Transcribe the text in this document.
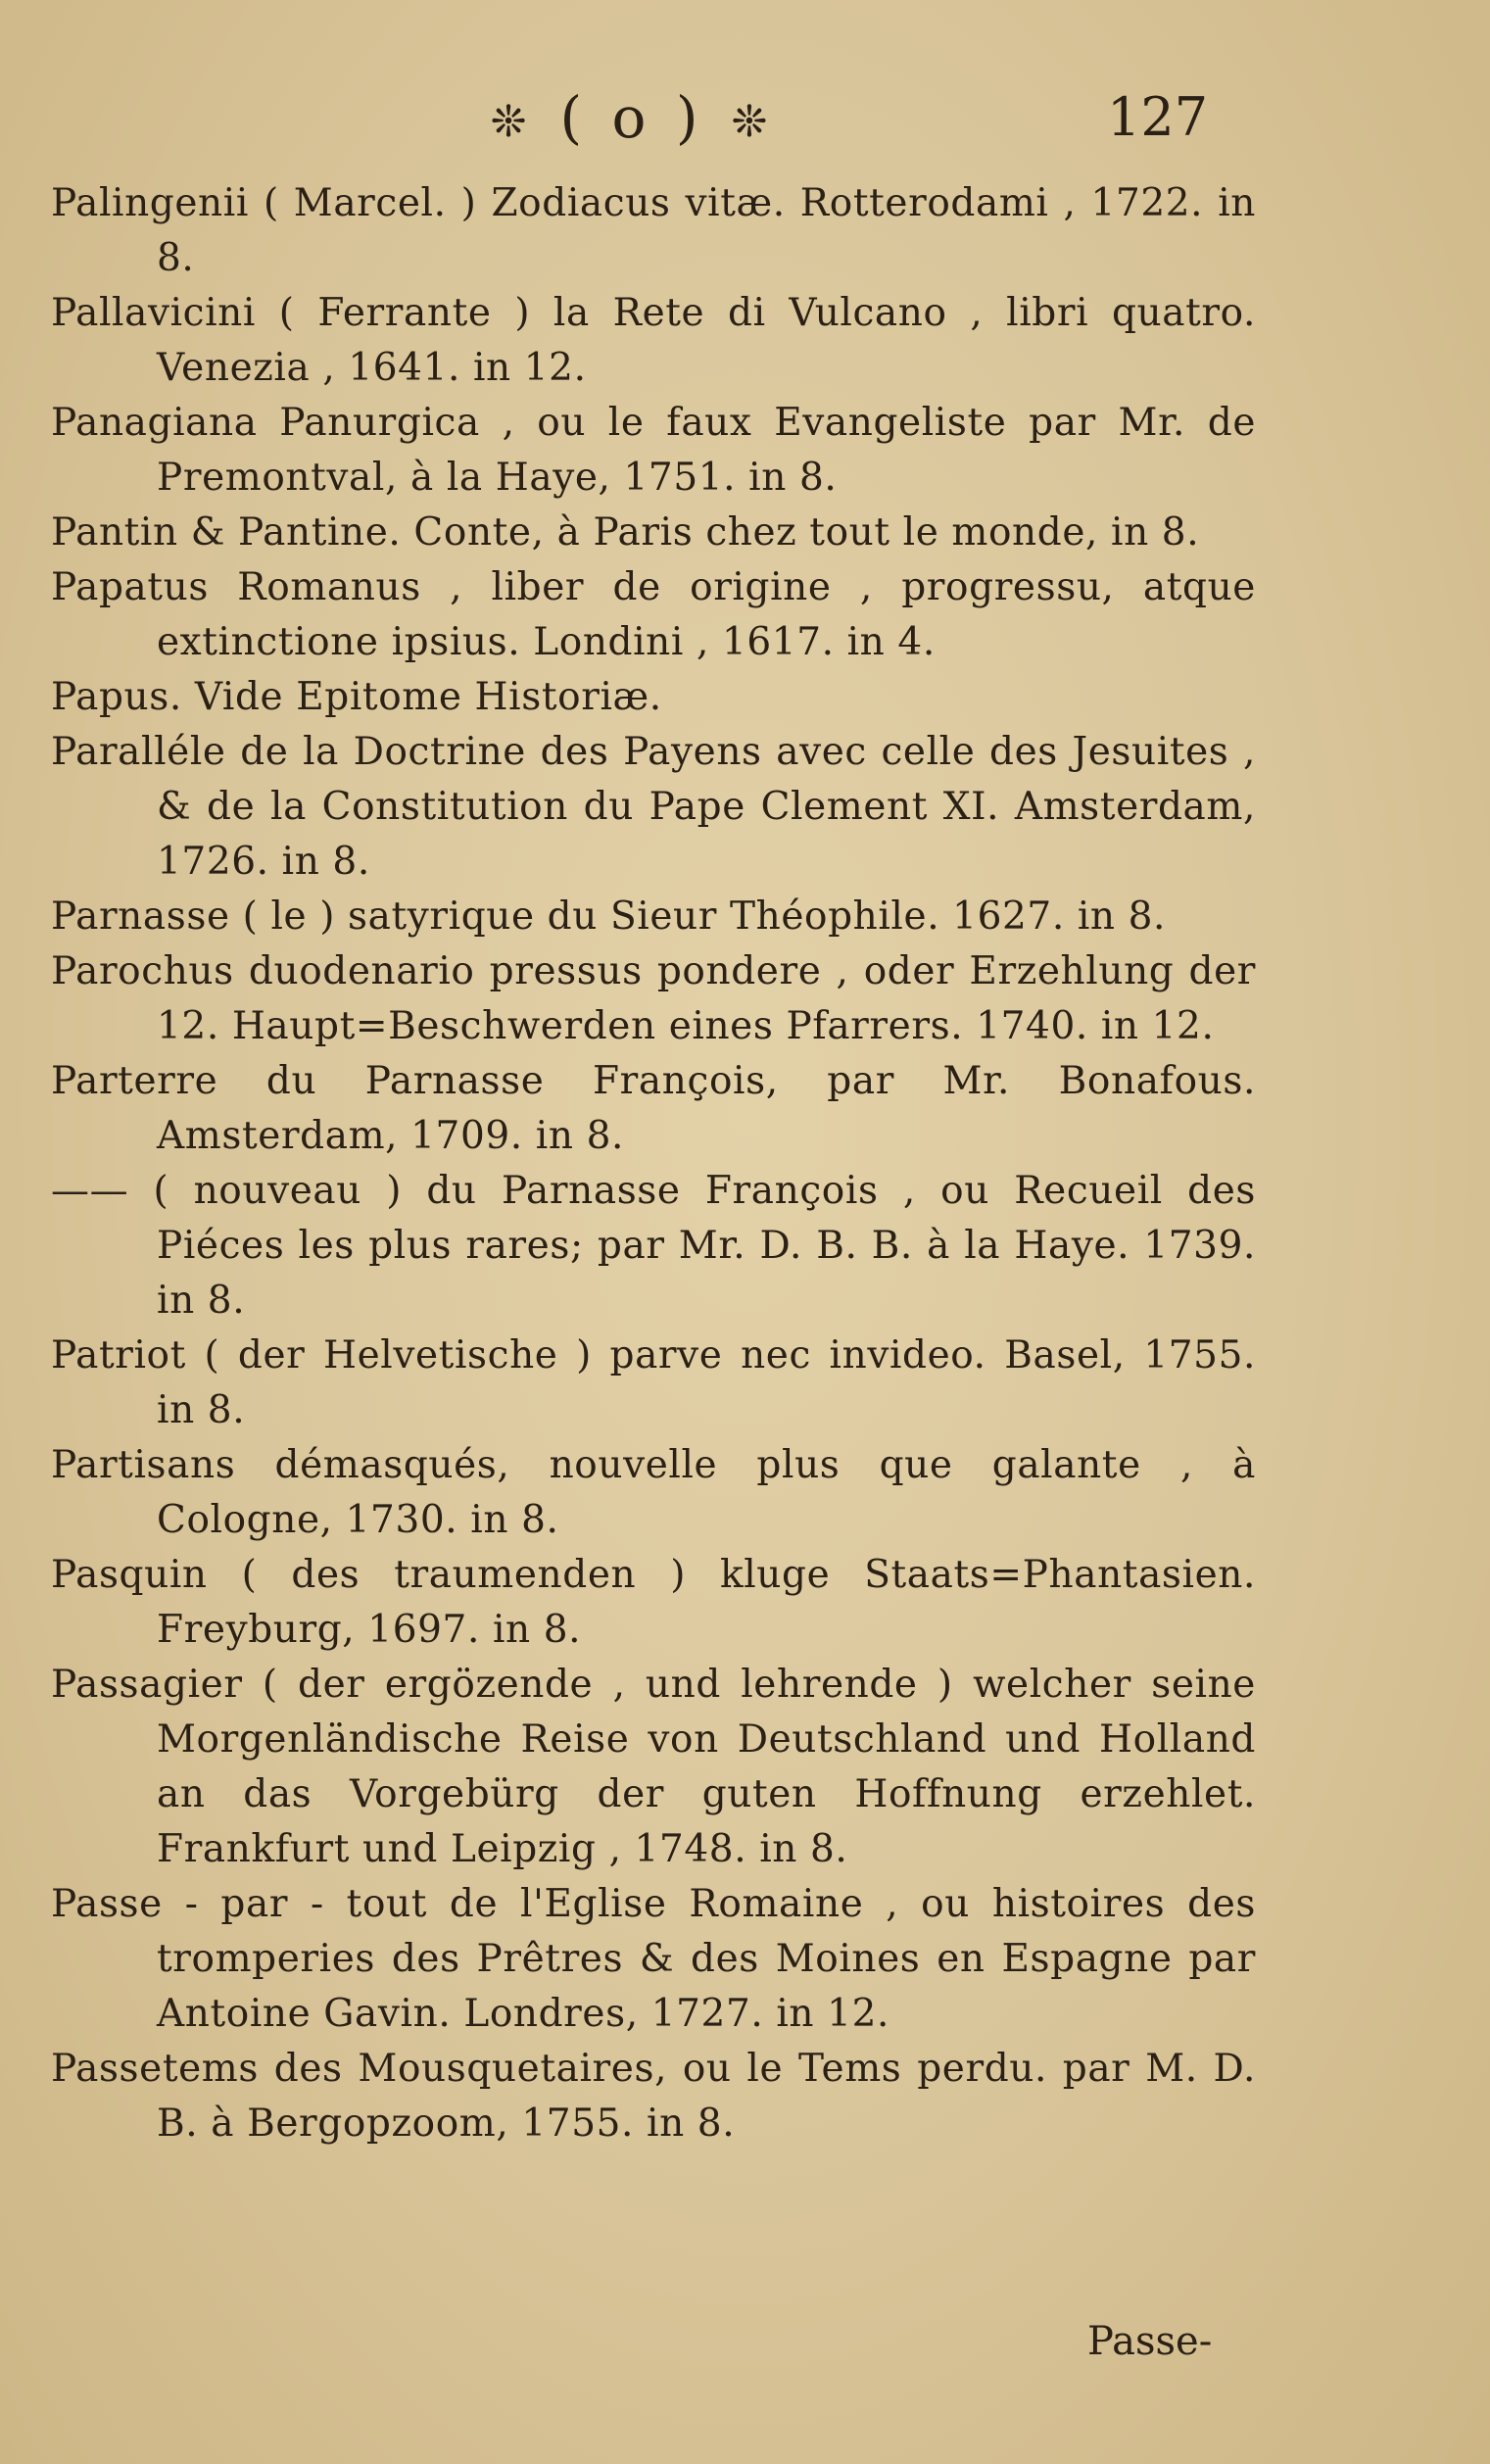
❊ ( o ) ❊	127

Palingenii ( Marcel. ) Zodiacus vitæ. Rotterodami , 1722. in 8.

Pallavicini ( Ferrante ) la Rete di Vulcano , libri quatro. Venezia , 1641. in 12.

Panagiana Panurgica , ou le faux Evangeliste par Mr. de Premontval, à la Haye, 1751. in 8.

Pantin & Pantine. Conte, à Paris chez tout le monde, in 8.

Papatus Romanus , liber de origine , progressu, atque extinctione ipsius. Londini , 1617. in 4.

Papus. Vide Epitome Historiæ.

Paralléle de la Doctrine des Payens avec celle des Jesuites , & de la Constitution du Pape Clement XI. Amsterdam, 1726. in 8.

Parnasse ( le ) satyrique du Sieur Théophile. 1627. in 8.

Parochus duodenario pressus pondere , oder Erzehlung der 12. Haupt=Beschwerden eines Pfarrers. 1740. in 12.

Parterre du Parnasse François, par Mr. Bonafous. Amsterdam, 1709. in 8.

—— ( nouveau ) du Parnasse François , ou Recueil des Piéces les plus rares; par Mr. D. B. B. à la Haye. 1739. in 8.

Patriot ( der Helvetische ) parve nec invideo. Basel, 1755. in 8.

Partisans démasqués, nouvelle plus que galante , à Cologne, 1730. in 8.

Pasquin ( des traumenden ) kluge Staats=Phantasien. Freyburg, 1697. in 8.

Passagier ( der ergözende , und lehrende ) welcher seine Morgenländische Reise von Deutschland und Holland an das Vorgebürg der guten Hoffnung erzehlet. Frankfurt und Leipzig , 1748. in 8.

Passe - par - tout de l'Eglise Romaine , ou histoires des tromperies des Prêtres & des Moines en Espagne par Antoine Gavin. Londres, 1727. in 12.

Passetems des Mousquetaires, ou le Tems perdu. par M. D. B. à Bergopzoom, 1755. in 8.

Passe-
